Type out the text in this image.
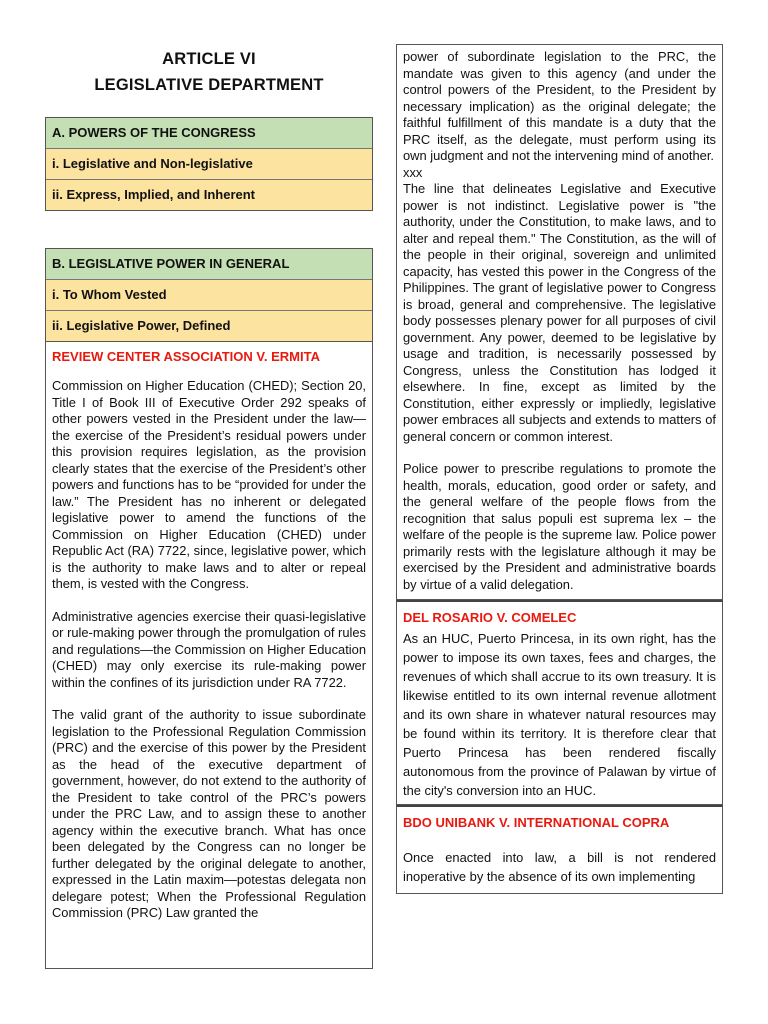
ARTICLE VI
LEGISLATIVE DEPARTMENT
A. POWERS OF THE CONGRESS
i. Legislative and Non-legislative
ii. Express, Implied, and Inherent
B. LEGISLATIVE POWER IN GENERAL
i. To Whom Vested
ii. Legislative Power, Defined
REVIEW CENTER ASSOCIATION V. ERMITA

Commission on Higher Education (CHED); Section 20, Title I of Book III of Executive Order 292 speaks of other powers vested in the President under the law—the exercise of the President’s residual powers under this provision requires legislation, as the provision clearly states that the exercise of the President’s other powers and functions has to be “provided for under the law.” The President has no inherent or delegated legislative power to amend the functions of the Commission on Higher Education (CHED) under Republic Act (RA) 7722, since, legislative power, which is the authority to make laws and to alter or repeal them, is vested with the Congress.

Administrative agencies exercise their quasi-legislative or rule-making power through the promulgation of rules and regulations—the Commission on Higher Education (CHED) may only exercise its rule-making power within the confines of its jurisdiction under RA 7722.

The valid grant of the authority to issue subordinate legislation to the Professional Regulation Commission (PRC) and the exercise of this power by the President as the head of the executive department of government, however, do not extend to the authority of the President to take control of the PRC’s powers under the PRC Law, and to assign these to another agency within the executive branch. What has once been delegated by the Congress can no longer be further delegated by the original delegate to another, expressed in the Latin maxim—potestas delegata non delegare potest; When the Professional Regulation Commission (PRC) Law granted the

power of subordinate legislation to the PRC, the mandate was given to this agency (and under the control powers of the President, to the President by necessary implication) as the original delegate; the faithful fulfillment of this mandate is a duty that the PRC itself, as the delegate, must perform using its own judgment and not the intervening mind of another.

xxx

The line that delineates Legislative and Executive power is not indistinct. Legislative power is "the authority, under the Constitution, to make laws, and to alter and repeal them." The Constitution, as the will of the people in their original, sovereign and unlimited capacity, has vested this power in the Congress of the Philippines. The grant of legislative power to Congress is broad, general and comprehensive. The legislative body possesses plenary power for all purposes of civil government. Any power, deemed to be legislative by usage and tradition, is necessarily possessed by Congress, unless the Constitution has lodged it elsewhere. In fine, except as limited by the Constitution, either expressly or impliedly, legislative power embraces all subjects and extends to matters of general concern or common interest.

Police power to prescribe regulations to promote the health, morals, education, good order or safety, and the general welfare of the people flows from the recognition that salus populi est suprema lex – the welfare of the people is the supreme law. Police power primarily rests with the legislature although it may be exercised by the President and administrative boards by virtue of a valid delegation.

DEL ROSARIO V. COMELEC
As an HUC, Puerto Princesa, in its own right, has the power to impose its own taxes, fees and charges, the revenues of which shall accrue to its own treasury. It is likewise entitled to its own internal revenue allotment and its own share in whatever natural resources may be found within its territory. It is therefore clear that Puerto Princesa has been rendered fiscally autonomous from the province of Palawan by virtue of the city's conversion into an HUC.
BDO UNIBANK V. INTERNATIONAL COPRA
Once enacted into law, a bill is not rendered inoperative by the absence of its own implementing
